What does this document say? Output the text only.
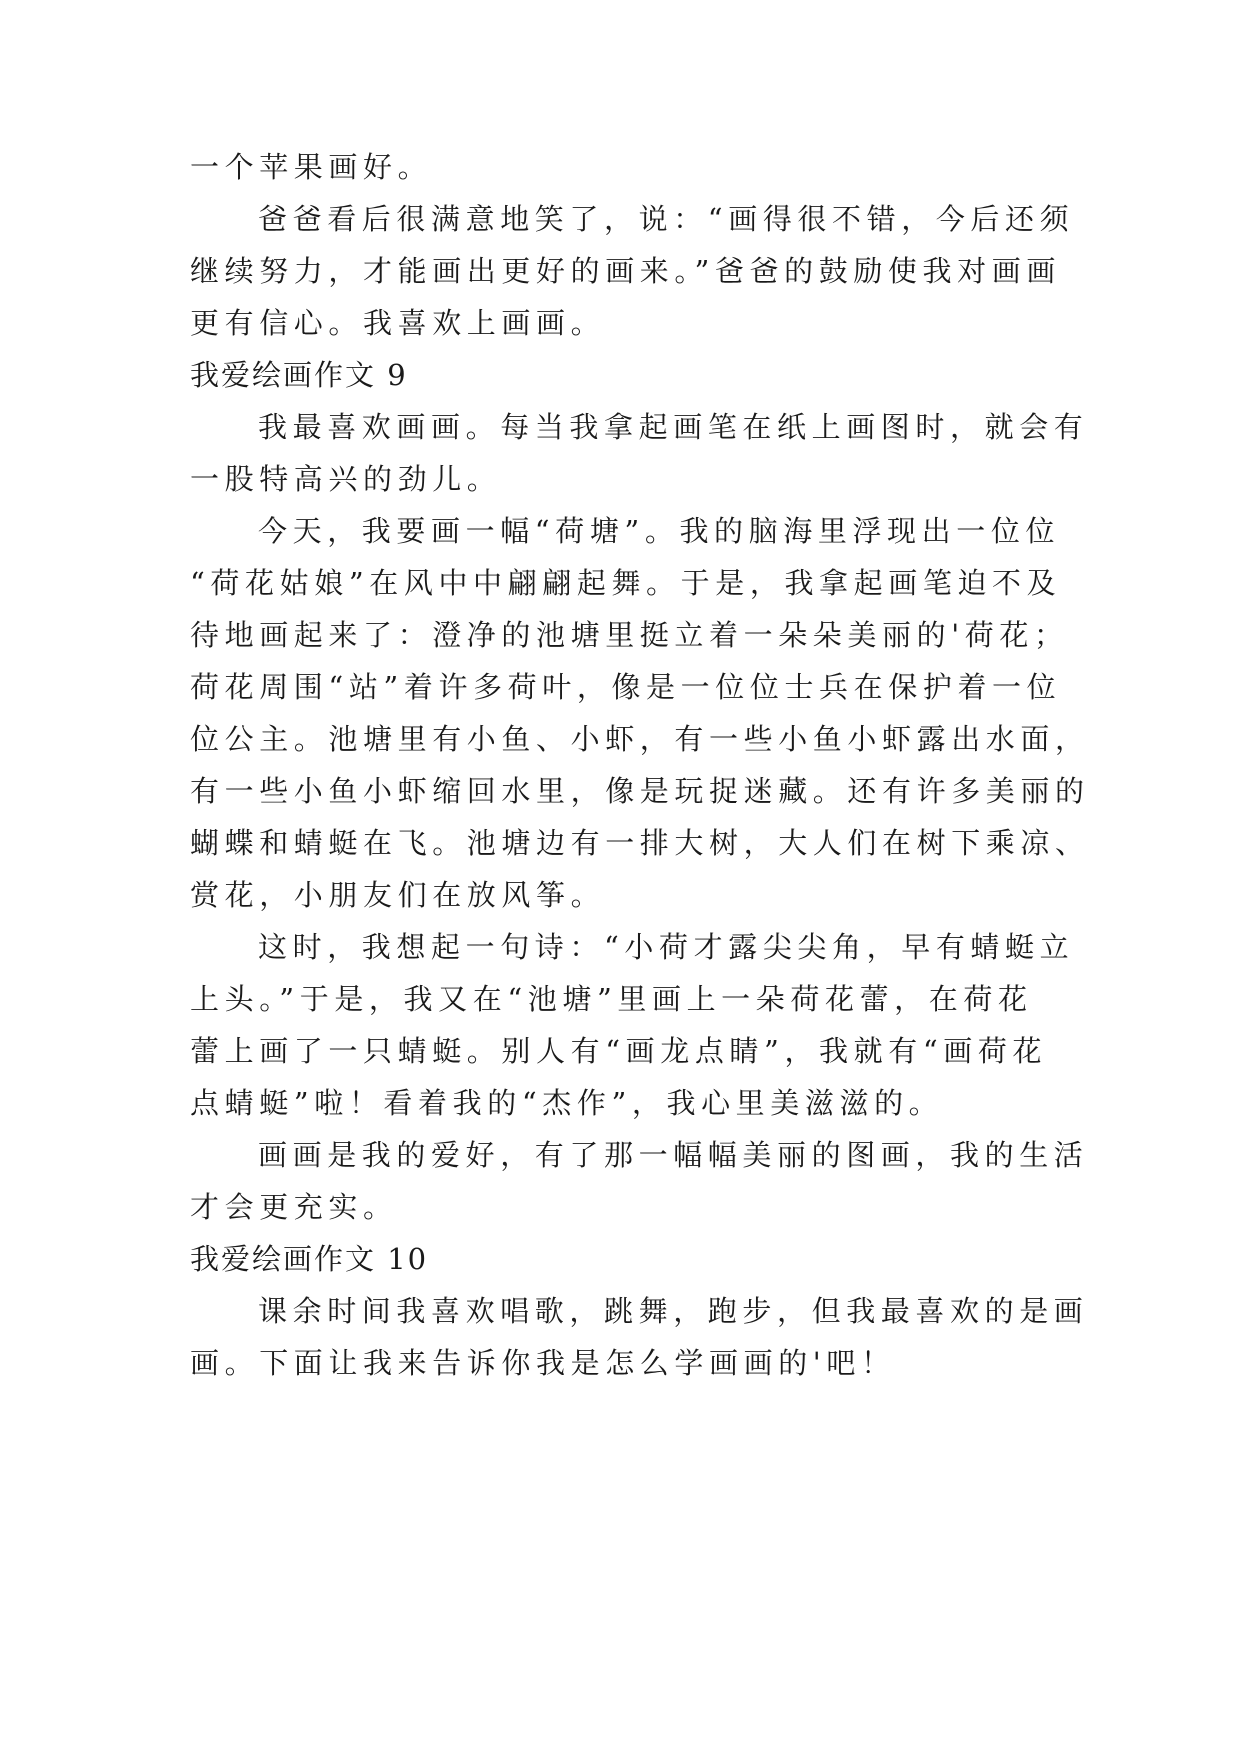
一个苹果画好。
爸爸看后很满意地笑了，说：“画得很不错，今后还须
继续努力，才能画出更好的画来。”爸爸的鼓励使我对画画
更有信心。我喜欢上画画。
我爱绘画作文 9
我最喜欢画画。每当我拿起画笔在纸上画图时，就会有
一股特高兴的劲儿。
今天，我要画一幅“荷塘”。我的脑海里浮现出一位位
“荷花姑娘”在风中中翩翩起舞。于是，我拿起画笔迫不及
待地画起来了：澄净的池塘里挺立着一朵朵美丽的'荷花；
荷花周围“站”着许多荷叶，像是一位位士兵在保护着一位
位公主。池塘里有小鱼、小虾，有一些小鱼小虾露出水面，
有一些小鱼小虾缩回水里，像是玩捉迷藏。还有许多美丽的
蝴蝶和蜻蜓在飞。池塘边有一排大树，大人们在树下乘凉、
赏花，小朋友们在放风筝。
这时，我想起一句诗：“小荷才露尖尖角，早有蜻蜓立
上头。”于是，我又在“池塘”里画上一朵荷花蕾，在荷花
蕾上画了一只蜻蜓。别人有“画龙点睛”，我就有“画荷花
点蜻蜓”啦！看着我的“杰作”，我心里美滋滋的。
画画是我的爱好，有了那一幅幅美丽的图画，我的生活
才会更充实。
我爱绘画作文 10
课余时间我喜欢唱歌，跳舞，跑步，但我最喜欢的是画
画。下面让我来告诉你我是怎么学画画的'吧！
